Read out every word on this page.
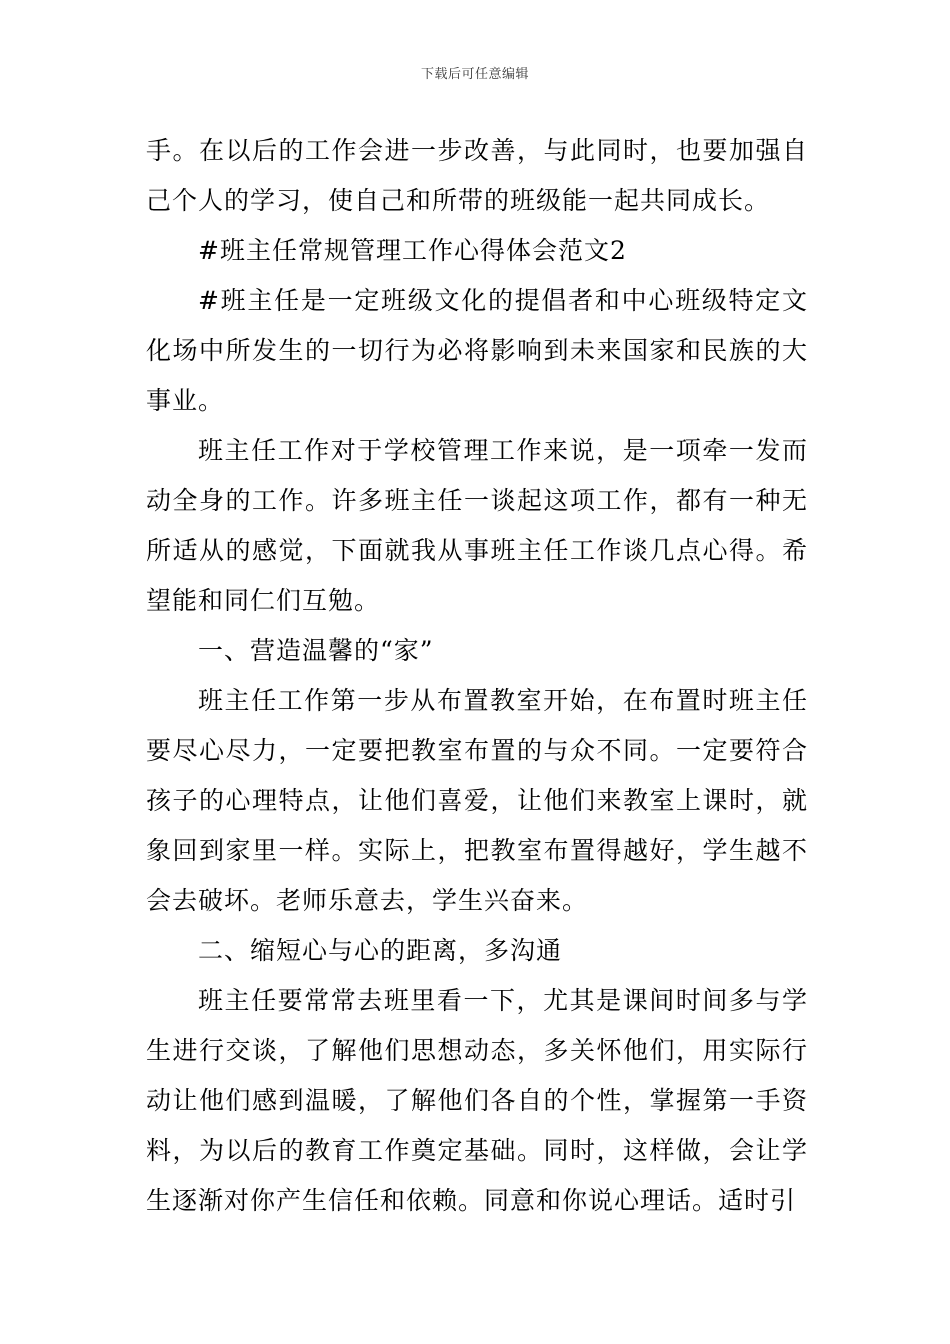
下载后可任意编辑

手。在以后的工作会进一步改善，与此同时，也要加强自己个人的学习，使自己和所带的班级能一起共同成长。

#班主任常规管理工作心得体会范文2

#班主任是一定班级文化的提倡者和中心班级特定文化场中所发生的一切行为必将影响到未来国家和民族的大事业。

班主任工作对于学校管理工作来说，是一项牵一发而动全身的工作。许多班主任一谈起这项工作，都有一种无所适从的感觉，下面就我从事班主任工作谈几点心得。希望能和同仁们互勉。

一、营造温馨的“家”

班主任工作第一步从布置教室开始，在布置时班主任要尽心尽力，一定要把教室布置的与众不同。一定要符合孩子的心理特点，让他们喜爱，让他们来教室上课时，就象回到家里一样。实际上，把教室布置得越好，学生越不会去破坏。老师乐意去，学生兴奋来。

二、缩短心与心的距离，多沟通

班主任要常常去班里看一下，尤其是课间时间多与学生进行交谈，了解他们思想动态，多关怀他们，用实际行动让他们感到温暖，了解他们各自的个性，掌握第一手资料，为以后的教育工作奠定基础。同时，这样做，会让学生逐渐对你产生信任和依赖。同意和你说心理话。适时引
